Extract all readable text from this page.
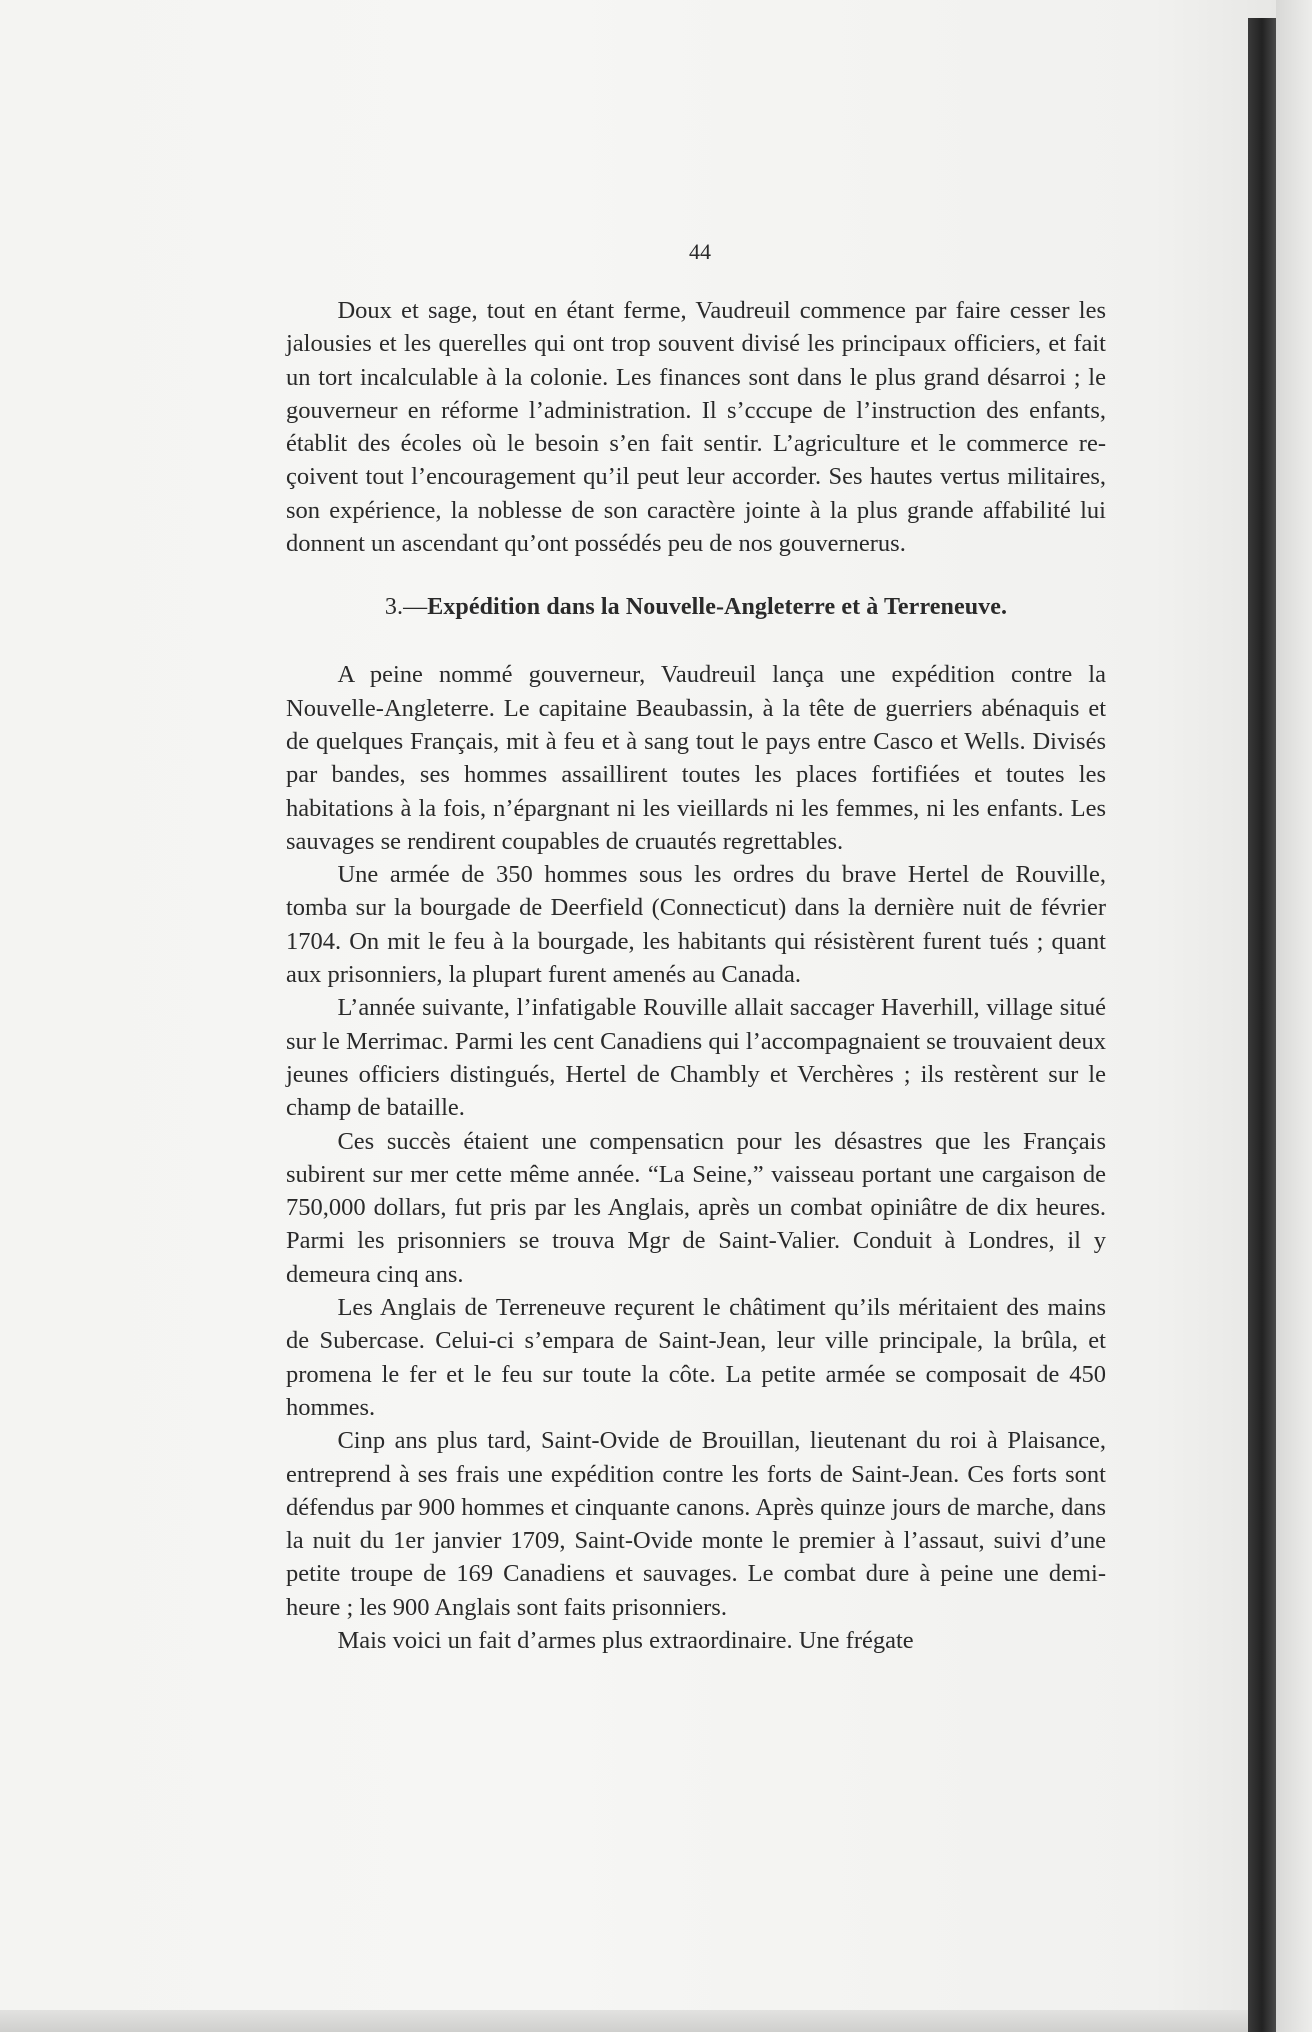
44

Doux et sage, tout en étant ferme, Vaudreuil commence par faire cesser les jalousies et les querelles qui ont trop souvent divisé les principaux officiers, et fait un tort incalculable à la colonie. Les finances sont dans le plus grand désarroi ; le gouverneur en réforme l’administration. Il s’cccupe de l’instruction des enfants, établit des écoles où le besoin s’en fait sentir. L’agriculture et le commerce reçoivent tout l’encouragement qu’il peut leur accorder. Ses hautes vertus militaires, son expérience, la noblesse de son caractère jointe à la plus grande affabilité lui donnent un ascendant qu’ont possédés peu de nos gouvernerus.

3.—Expédition dans la Nouvelle-Angleterre et à Terreneuve.

A peine nommé gouverneur, Vaudreuil lança une expédition contre la Nouvelle-Angleterre. Le capitaine Beaubassin, à la tête de guerriers abénaquis et de quelques Français, mit à feu et à sang tout le pays entre Casco et Wells. Divisés par bandes, ses hommes assaillirent toutes les places fortifiées et toutes les habitations à la fois, n’épargnant ni les vieillards ni les femmes, ni les enfants. Les sauvages se rendirent coupables de cruautés regrettables.

Une armée de 350 hommes sous les ordres du brave Hertel de Rouville, tomba sur la bourgade de Deerfield (Connecticut) dans la dernière nuit de février 1704. On mit le feu à la bourgade, les habitants qui résistèrent furent tués ; quant aux prisonniers, la plupart furent amenés au Canada.

L’année suivante, l’infatigable Rouville allait saccager Haverhill, village situé sur le Merrimac. Parmi les cent Canadiens qui l’accompagnaient se trouvaient deux jeunes officiers distingués, Hertel de Chambly et Verchères ; ils restèrent sur le champ de bataille.

Ces succès étaient une compensaticn pour les désastres que les Français subirent sur mer cette même année. “La Seine,” vaisseau portant une cargaison de 750,000 dollars, fut pris par les Anglais, après un combat opiniâtre de dix heures. Parmi les prisonniers se trouva Mgr de Saint-Valier. Conduit à Londres, il y demeura cinq ans.

Les Anglais de Terreneuve reçurent le châtiment qu’ils méritaient des mains de Subercase. Celui-ci s’empara de Saint-Jean, leur ville principale, la brûla, et promena le fer et le feu sur toute la côte. La petite armée se composait de 450 hommes.

Cinp ans plus tard, Saint-Ovide de Brouillan, lieutenant du roi à Plaisance, entreprend à ses frais une expédition contre les forts de Saint-Jean. Ces forts sont défendus par 900 hommes et cinquante canons. Après quinze jours de marche, dans la nuit du 1er janvier 1709, Saint-Ovide monte le premier à l’assaut, suivi d’une petite troupe de 169 Canadiens et sauvages. Le combat dure à peine une demi-heure ; les 900 Anglais sont faits prisonniers.

Mais voici un fait d’armes plus extraordinaire. Une frégate
